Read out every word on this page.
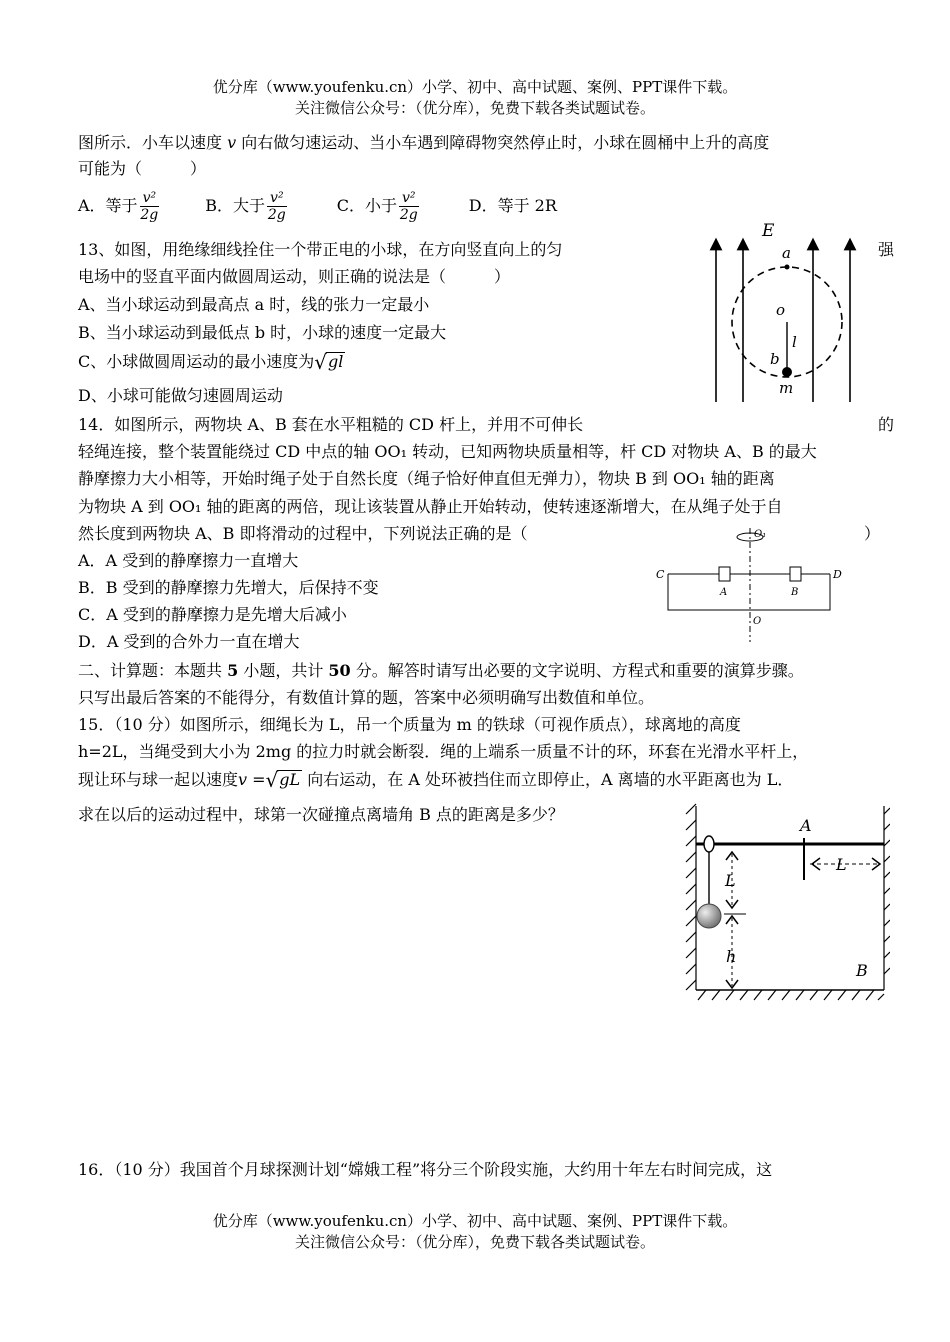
优分库（www.youfenku.cn）小学、初中、高中试题、案例、PPT课件下载。
关注微信公众号：（优分库），免费下载各类试题试卷。
图所示．小车以速度 v 向右做匀速运动、当小车遇到障碍物突然停止时，小球在圆桶中上升的高度
可能为（　　　）
A．等于 $\frac{\text{v²}}{2g}$	B．大于 $\frac{\text{v²}}{2g}$	C．小于 $\frac{\text{v²}}{2g}$	D．等于 2R
13、如图，用绝缘细线拴住一个带正电的小球，在方向竖直向上的匀	强
电场中的竖直平面内做圆周运动，则正确的说法是（　　　）
A、当小球运动到最高点 a 时，线的张力一定最小
B、当小球运动到最低点 b 时，小球的速度一定最大
C、小球做圆周运动的最小速度为√gl
D、小球可能做匀速圆周运动
E
a
o
l
b
m
14．如图所示，两物块 A、B 套在水平粗糙的 CD 杆上，并用不可伸长	的
轻绳连接，整个装置能绕过 CD 中点的轴 OO₁ 转动，已知两物块质量相等，杆 CD 对物块 A、B 的最大
静摩擦力大小相等，开始时绳子处于自然长度（绳子恰好伸直但无弹力），物块 B 到 OO₁ 轴的距离
为物块 A 到 OO₁ 轴的距离的两倍，现让该装置从静止开始转动，使转速逐渐增大，在从绳子处于自
然长度到两物块 A、B 即将滑动的过程中，下列说法正确的是（	）
A．A 受到的静摩擦力一直增大
B．B 受到的静摩擦力先增大，后保持不变
C．A 受到的静摩擦力是先增大后减小
D．A 受到的合外力一直在增大
O₁
C	D
A	B
O
二、计算题：本题共 5 小题，共计 50 分。解答时请写出必要的文字说明、方程式和重要的演算步骤。
只写出最后答案的不能得分，有数值计算的题，答案中必须明确写出数值和单位。
15．（10 分）如图所示，细绳长为 L，吊一个质量为 m 的铁球（可视作质点），球离地的高度
h=2L，当绳受到大小为 2mg 的拉力时就会断裂．绳的上端系一质量不计的环，环套在光滑水平杆上，
现让环与球一起以速度v =√gL 向右运动，在 A 处环被挡住而立即停止，A 离墙的水平距离也为 L．
求在以后的运动过程中，球第一次碰撞点离墙角 B 点的距离是多少？
A
L
L
h
B
16．（10 分）我国首个月球探测计划“嫦娥工程”将分三个阶段实施，大约用十年左右时间完成，这
优分库（www.youfenku.cn）小学、初中、高中试题、案例、PPT课件下载。
关注微信公众号：（优分库），免费下载各类试题试卷。
